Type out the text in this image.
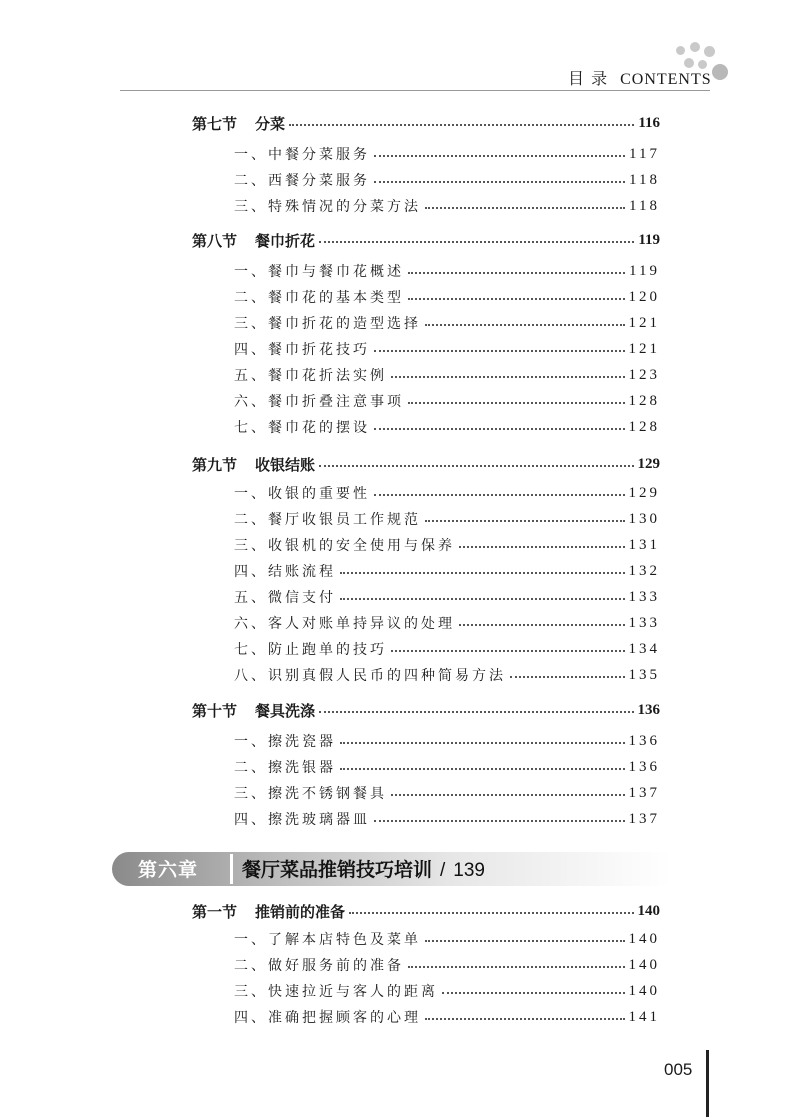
目 录 CONTENTS
第七节 分菜	116
一、中餐分菜服务	117
二、西餐分菜服务	118
三、特殊情况的分菜方法	118
第八节 餐巾折花	119
一、餐巾与餐巾花概述	119
二、餐巾花的基本类型	120
三、餐巾折花的造型选择	121
四、餐巾折花技巧	121
五、餐巾花折法实例	123
六、餐巾折叠注意事项	128
七、餐巾花的摆设	128
第九节 收银结账	129
一、收银的重要性	129
二、餐厅收银员工作规范	130
三、收银机的安全使用与保养	131
四、结账流程	132
五、微信支付	133
六、客人对账单持异议的处理	133
七、防止跑单的技巧	134
八、识别真假人民币的四种简易方法	135
第十节 餐具洗涤	136
一、擦洗瓷器	136
二、擦洗银器	136
三、擦洗不锈钢餐具	137
四、擦洗玻璃器皿	137
第一节 推销前的准备	140
一、了解本店特色及菜单	140
二、做好服务前的准备	140
三、快速拉近与客人的距离	140
四、准确把握顾客的心理	141
第六章 餐厅菜品推销技巧培训 / 139
005
